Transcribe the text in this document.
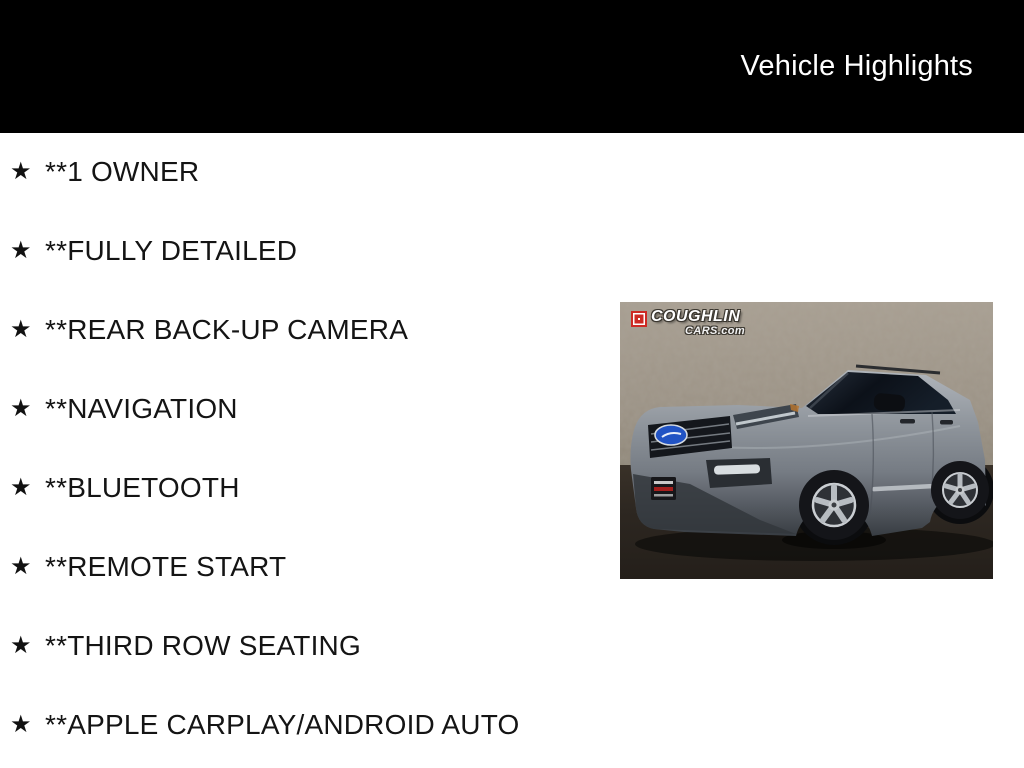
Vehicle Highlights
★ **1 OWNER
★ **FULLY DETAILED
★ **REAR BACK-UP CAMERA
★ **NAVIGATION
★ **BLUETOOTH
★ **REMOTE START
★ **THIRD ROW SEATING
★ **APPLE CARPLAY/ANDROID AUTO
COUGHLIN
CARS.com
